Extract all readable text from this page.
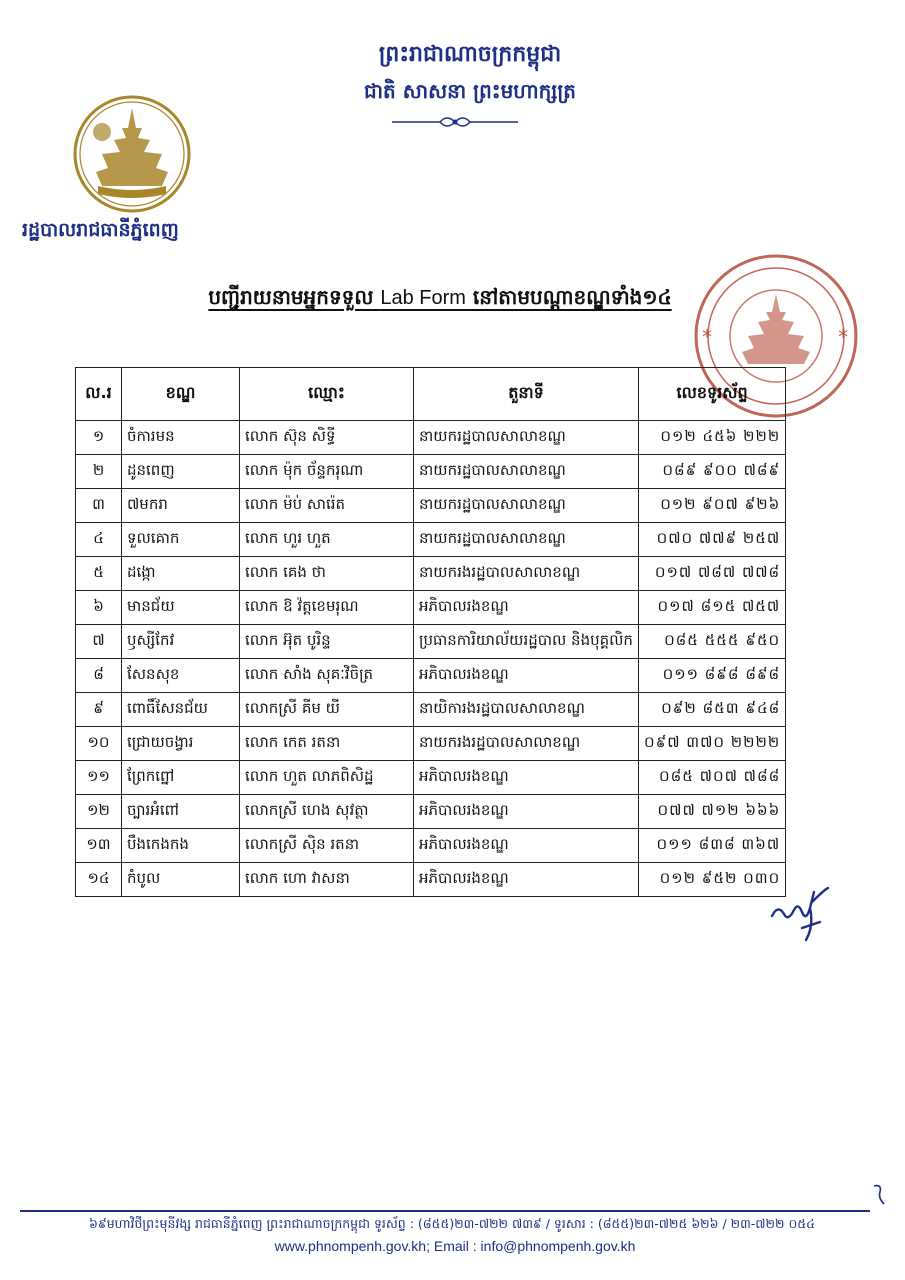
ព្រះរាជាណាចក្រកម្ពុជា
ជាតិ សាសនា ព្រះមហាក្សត្រ
រដ្ឋបាលរាជធានីភ្នំពេញ
បញ្ជីរាយនាមអ្នកទទួល Lab Form នៅតាមបណ្ដាខណ្ឌទាំង១៤
*	*
ល.រ	ខណ្ឌ	ឈ្មោះ	តួនាទី	លេខទូរស័ព្ទ
១	ចំការមន	លោក ស៊ុន សិទ្ធី	នាយករដ្ឋបាលសាលាខណ្ឌ	០១២ ៤៥៦ ២២២
២	ដូនពេញ	លោក ម៉ុក ច័ន្ទករុណា	នាយករដ្ឋបាលសាលាខណ្ឌ	០៨៩ ៩០០ ៧៨៩
៣	៧មករា	លោក ម៉ប់ សារ៉េត	នាយករដ្ឋបាលសាលាខណ្ឌ	០១២ ៩០៧ ៩២៦
៤	ទួលគោក	លោក ហួរ ហួត	នាយករដ្ឋបាលសាលាខណ្ឌ	០៧០ ៧៧៩ ២៥៧
៥	ដង្កោ	លោក គេង ថា	នាយករងរដ្ឋបាលសាលាខណ្ឌ	០១៧ ៧៨៧ ៧៧៨
៦	មានជ័យ	លោក ឱ វ៉ត្តខេមរុណ	អភិបាលរងខណ្ឌ	០១៧ ៨១៥ ៧៥៧
៧	ឫស្សីកែវ	លោក អ៊ុត បូរិន្ទ	ប្រធានការិយាល័យរដ្ឋបាល និងបុគ្គលិក	០៨៥ ៥៥៥ ៩៥០
៨	សែនសុខ	លោក សាំង សុគៈវិចិត្រ	អភិបាលរងខណ្ឌ	០១១ ៨៩៨ ៨៩៨
៩	ពោធិ៍សែនជ័យ	លោកស្រី គីម យី	នាយិការងរដ្ឋបាលសាលាខណ្ឌ	០៩២ ៨៥៣ ៩៤៨
១០	ជ្រោយចង្វារ	លោក កេត រតនា	នាយករងរដ្ឋបាលសាលាខណ្ឌ	០៩៧ ៣៧០ ២២២២
១១	ព្រែកព្នៅ	លោក ហួត លាភពិសិដ្ឋ	អភិបាលរងខណ្ឌ	០៨៥ ៧០៧ ៧៨៨
១២	ច្បារអំពៅ	លោកស្រី ហេង សុវត្ថា	អភិបាលរងខណ្ឌ	០៧៧ ៧១២ ៦៦៦
១៣	បឹងកេងកង	លោកស្រី ស៊ិន រតនា	អភិបាលរងខណ្ឌ	០១១ ៨៣៨ ៣៦៧
១៤	កំបូល	លោក ហោ វាសនា	អភិបាលរងខណ្ឌ	០១២ ៩៥២ ០៣០
៦៩មហាវិថីព្រះមុនីវង្ស រាជធានីភ្នំពេញ ព្រះរាជាណាចក្រកម្ពុជា ទូរស័ព្ទ : (៨៥៥)២៣-៧២២ ៧៣៩ / ទូរសារ : (៨៥៥)២៣-៧២៥ ៦២៦ / ២៣-៧២២ ០៥៤
www.phnompenh.gov.kh; Email : info@phnompenh.gov.kh
